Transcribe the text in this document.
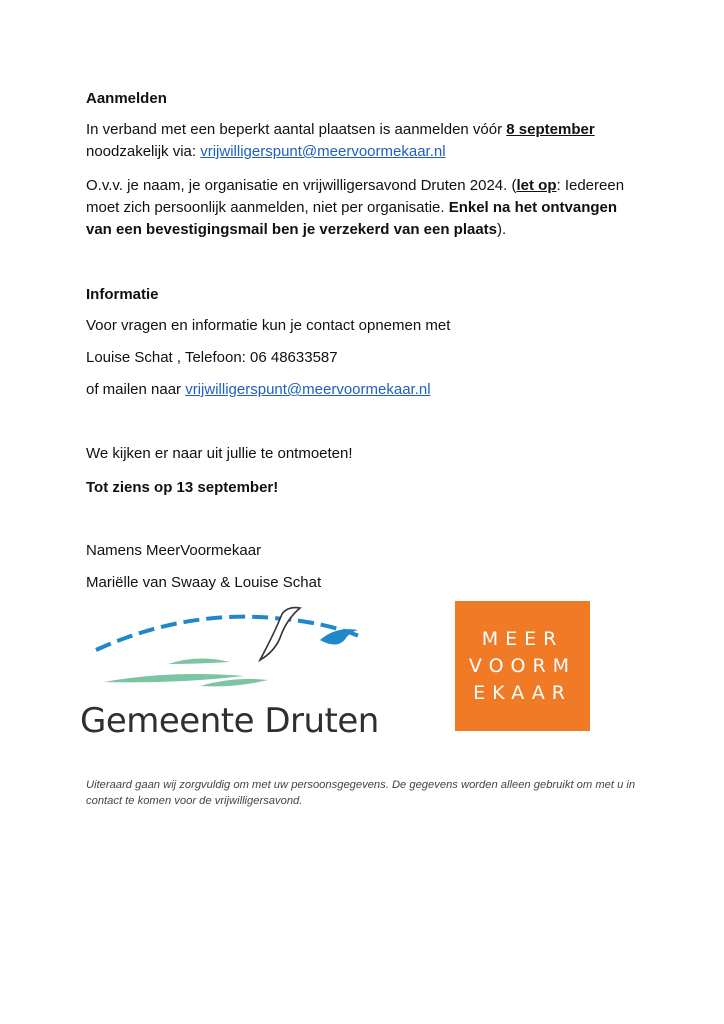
Aanmelden

In verband met een beperkt aantal plaatsen is aanmelden vóór 8 september
noodzakelijk via: vrijwilligerspunt@meervoormekaar.nl

O.v.v. je naam, je organisatie en vrijwilligersavond Druten 2024. (let op: Iedereen moet zich persoonlijk aanmelden, niet per organisatie. Enkel na het ontvangen van een bevestigingsmail ben je verzekerd van een plaats).

Informatie

Voor vragen en informatie kun je contact opnemen met

Louise Schat , Telefoon: 06 48633587

of mailen naar vrijwilligerspunt@meervoormekaar.nl

We kijken er naar uit jullie te ontmoeten!

Tot ziens op 13 september!

Namens MeerVoormekaar

Mariëlle van Swaay & Louise Schat

Gemeente Druten
MEER
VOORM
EKAAR

Uiteraard gaan wij zorgvuldig om met uw persoonsgegevens. De gegevens worden alleen gebruikt om met u in contact te komen voor de vrijwilligersavond.
